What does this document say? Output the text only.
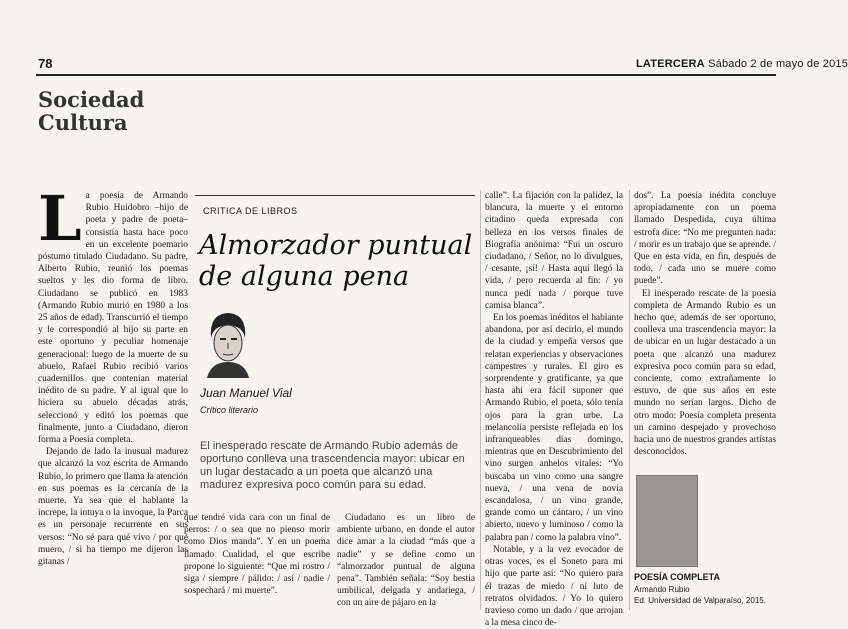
78	LATERCERA Sábado 2 de mayo de 2015
Sociedad
Cultura
L a poesía de Armando Rubio Huidobro –hijo de poeta y padre de poeta– consistía hasta hace poco en un excelente poemario póstumo titulado Ciudadano. Su padre, Alberto Rubio, reunió los poemas sueltos y les dio forma de libro. Ciudadano se publicó en 1983 (Armando Rubio murió en 1980 a los 25 años de edad). Transcurrió el tiempo y le correspondió al hijo su parte en este oportuno y peculiar homenaje generacional: luego de la muerte de su abuelo, Rafael Rubio recibió varios cuadernillos que contenían material inédito de su padre. Y al igual que lo hiciera su abuelo décadas atrás, seleccionó y editó los poemas que finalmente, junto a Ciudadano, dieron forma a Poesía completa.

Dejando de lado la inusual madurez que alcanzó la voz escrita de Armando Rubio, lo primero que llama la atención en sus poemas es la cercanía de la muerte. Ya sea que el hablante la increpe, la intuya o la invoque, la Parca es un personaje recurrente en sus versos: “No sé para qué vivo / por qué muero, / si ha tiempo me dijeron las gitanas /

CRITICA DE LIBROS
Almorzador puntual de alguna pena
Juan Manuel Vial
Crítico literario
El inesperado rescate de Armando Rubio además de oportuno conlleva una trascendencia mayor: ubicar en un lugar destacado a un poeta que alcanzó una madurez expresiva poco común para su edad.

que tendré vida cara con un final de perros: / o sea que no pienso morir como Dios manda”. Y en un poema llamado Cualidad, el que escribe propone lo siguiente: “Que mi rostro / siga / siempre / pálido: / así / nadie / sospechará / mi muerte”.

Ciudadano es un libro de ambiente urbano, en donde el autor dice amar a la ciudad “más que a nadie” y se define como un “almorzador puntual de alguna pena”. También señala: “Soy bestia umbilical, delgada y andariega, / con un aire de pájaro en la

calle”. La fijación con la palidez, la blancura, la muerte y el entorno citadino queda expresada con belleza en los versos finales de Biografía anónima: “Fui un oscuro ciudadano, / Señor, no lo divulgues, / cesante, ¡sí! / Hasta aquí llegó la vida, / pero recuerda al fin: / yo nunca pedí nada / porque tuve camisa blanca”.

En los poemas inéditos el hablante abandona, por así decirlo, el mundo de la ciudad y empeña versos que relatan experiencias y observaciones campestres y rurales. El giro es sorprendente y gratificante, ya que hasta ahí era fácil suponer que Armando Rubio, el poeta, sólo tenía ojos para la gran urbe. La melancolía persiste reflejada en los infranqueables días domingo, mientras que en Descubrimiento del vino surgen anhelos vitales: “Yo buscaba un vino como una sangre nueva, / una vena de novia escandalosa, / un vino grande, grande como un cántaro, / un vino abierto, nuevo y luminoso / como la palabra pan / como la palabra vino”.

Notable, y a la vez evocador de otras voces, es el Soneto para mi hijo que parte así: “No quiero para él trazas de miedo / ni luto de retratos olvidados. / Yo lo quiero travieso como un dado / que arrojan a la mesa cinco de-

dos”. La poesía inédita concluye apropiadamente con un poema llamado Despedida, cuya última estrofa dice: “No me pregunten nada: / morir es un trabajo que se aprende. / Que en esta vida, en fin, después de todo, / cada uno se muere como puede”.

El inesperado rescate de la poesía completa de Armando Rubio es un hecho que, además de ser oportuno, conlleva una trascendencia mayor: la de ubicar en un lugar destacado a un poeta que alcanzó una madurez expresiva poco común para su edad, conciente, como extrañamente lo estuvo, de que sus años en este mundo no serían largos. Dicho de otro modo: Poesía completa presenta un camino despejado y provechoso hacia uno de nuestros grandes artistas desconocidos.

POESÍA COMPLETA
Armando Rubio
Ed. Universidad de Valparaíso, 2015.
